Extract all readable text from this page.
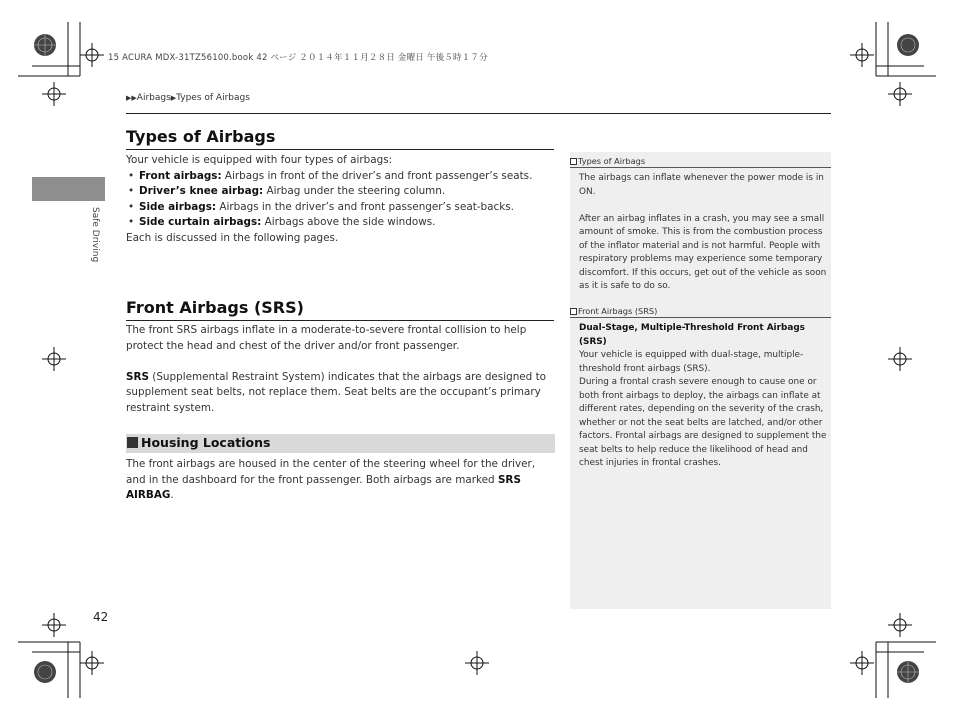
15 ACURA MDX-31TZ56100.book 42 ページ ２０１４年１１月２８日 金曜日 午後５時１７分
▶▶Airbags▶Types of Airbags
Safe Driving
Types of Airbags

Your vehicle is equipped with four types of airbags:

• Front airbags: Airbags in front of the driver’s and front passenger’s seats.
• Driver’s knee airbag: Airbag under the steering column.
• Side airbags: Airbags in the driver’s and front passenger’s seat-backs.
• Side curtain airbags: Airbags above the side windows.

Each is discussed in the following pages.

Front Airbags (SRS)

The front SRS airbags inflate in a moderate-to-severe frontal collision to help protect the head and chest of the driver and/or front passenger.

SRS (Supplemental Restraint System) indicates that the airbags are designed to supplement seat belts, not replace them. Seat belts are the occupant’s primary restraint system.

Housing Locations

The front airbags are housed in the center of the steering wheel for the driver, and in the dashboard for the front passenger. Both airbags are marked SRS AIRBAG.

Types of Airbags

The airbags can inflate whenever the power mode is in ON.

After an airbag inflates in a crash, you may see a small amount of smoke. This is from the combustion process of the inflator material and is not harmful. People with respiratory problems may experience some temporary discomfort. If this occurs, get out of the vehicle as soon as it is safe to do so.

Front Airbags (SRS)

Dual-Stage, Multiple-Threshold Front Airbags (SRS)

Your vehicle is equipped with dual-stage, multiple-threshold front airbags (SRS).

During a frontal crash severe enough to cause one or both front airbags to deploy, the airbags can inflate at different rates, depending on the severity of the crash, whether or not the seat belts are latched, and/or other factors. Frontal airbags are designed to supplement the seat belts to help reduce the likelihood of head and chest injuries in frontal crashes.

42
